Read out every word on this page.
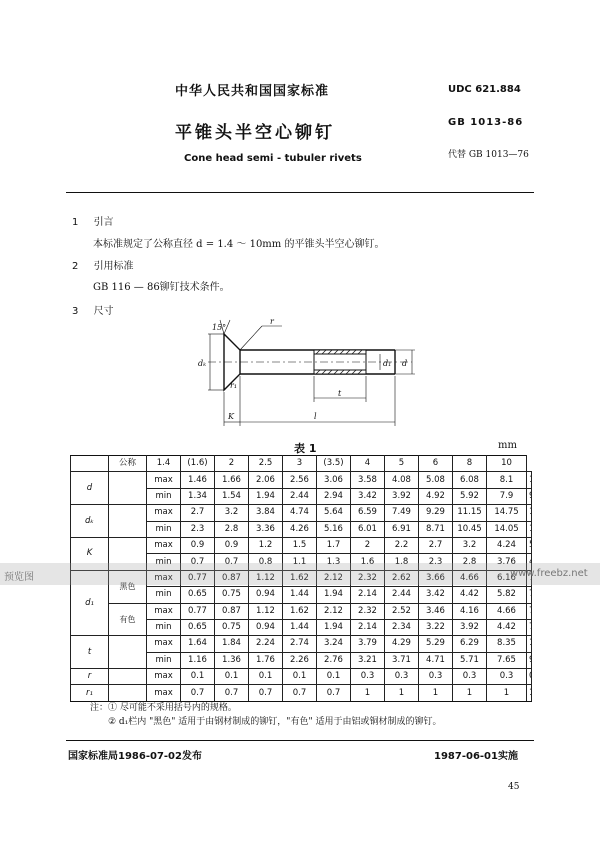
中华人民共和国国家标准	UDC 621.884
平锥头半空心铆钉
GB 1013-86
Cone head semi - tubuler rivets	代替 GB 1013—76
1 引言
本标准规定了公称直径 d = 1.4 ～ 10mm 的平锥头半空心铆钉。
2 引用标准
GB 116 — 86铆钉技术条件。
3 尺寸
15°
r
dₖ
r₁
d₁ d
t
K	l
表 1	mm
	公称	1.4	(1.6)	2	2.5	3	(3.5)	4	5	6	8	10	
d		max	1.46	1.66	2.06	2.56	3.06	3.58	4.08	5.08	6.08	8.1	
		min	1.34	1.54	1.94	2.44	2.94	3.42	3.92	4.92	5.92	7.9	
dₖ		max	2.7	3.2	3.84	4.74	5.64	6.59	7.49	9.29	11.15	14.75	
		min	2.3	2.8	3.36	4.26	5.16	6.01	6.91	8.71	10.45	14.05	
K		max	0.9	0.9	1.2	1.5	1.7	2	2.2	2.7	3.2	4.24	
		min	0.7	0.7	0.8	1.1	1.3	1.6	1.8	2.3	2.8	3.76	
d₁	黑色	max	0.77	0.87	1.12	1.62	2.12	2.32	2.62	3.66	4.66	6.16	
		min	0.65	0.75	0.94	1.44	1.94	2.14	2.44	3.42	4.42	5.82	
	有色	max	0.77	0.87	1.12	1.62	2.12	2.32	2.52	3.46	4.16	4.66	
		min	0.65	0.75	0.94	1.44	1.94	2.14	2.34	3.22	3.92	4.42	
t		max	1.64	1.84	2.24	2.74	3.24	3.79	4.29	5.29	6.29	8.35	
		min	1.16	1.36	1.76	2.26	2.76	3.21	3.71	4.71	5.71	7.65	
r		max	0.1	0.1	0.1	0.1	0.1	0.3	0.3	0.3	0.3	0.3	
r₁		max	0.7	0.7	0.7	0.7	0.7	1	1	1	1	1	
注：① 尽可能不采用括号内的规格。
② d₁栏内 "黑色" 适用于由钢材制成的铆钉，"有色" 适用于由铝或铜材制成的铆钉。
国家标准局1986-07-02发布	1987-06-01实施
45
预览图	www.freebz.net
